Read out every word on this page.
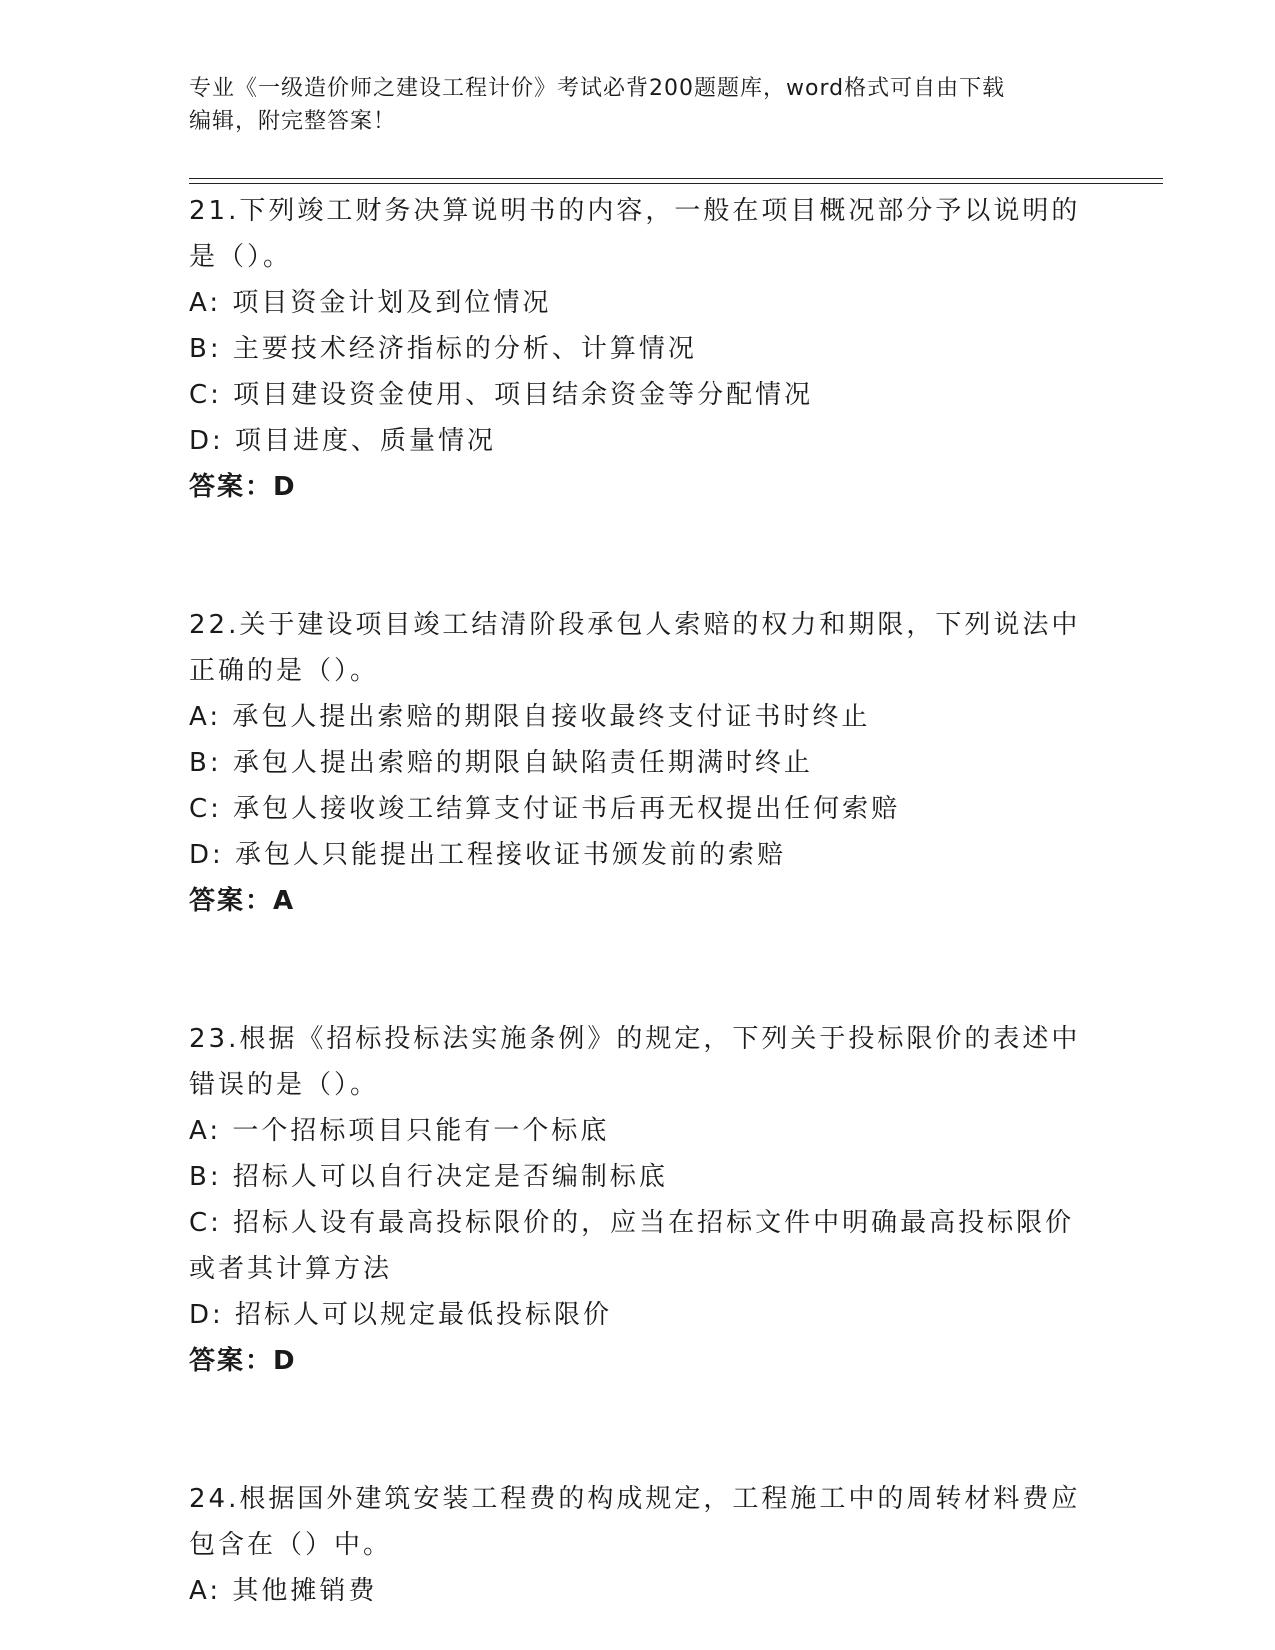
专业《一级造价师之建设工程计价》考试必背200题题库，word格式可自由下载
编辑，附完整答案！
21.下列竣工财务决算说明书的内容，一般在项目概况部分予以说明的
是（）。
A: 项目资金计划及到位情况
B: 主要技术经济指标的分析、计算情况
C: 项目建设资金使用、项目结余资金等分配情况
D: 项目进度、质量情况
答案：D
22.关于建设项目竣工结清阶段承包人索赔的权力和期限，下列说法中
正确的是（）。
A: 承包人提出索赔的期限自接收最终支付证书时终止
B: 承包人提出索赔的期限自缺陷责任期满时终止
C: 承包人接收竣工结算支付证书后再无权提出任何索赔
D: 承包人只能提出工程接收证书颁发前的索赔
答案：A
23.根据《招标投标法实施条例》的规定，下列关于投标限价的表述中
错误的是（）。
A: 一个招标项目只能有一个标底
B: 招标人可以自行决定是否编制标底
C: 招标人设有最高投标限价的，应当在招标文件中明确最高投标限价
或者其计算方法
D: 招标人可以规定最低投标限价
答案：D
24.根据国外建筑安装工程费的构成规定，工程施工中的周转材料费应
包含在（）中。
A: 其他摊销费
